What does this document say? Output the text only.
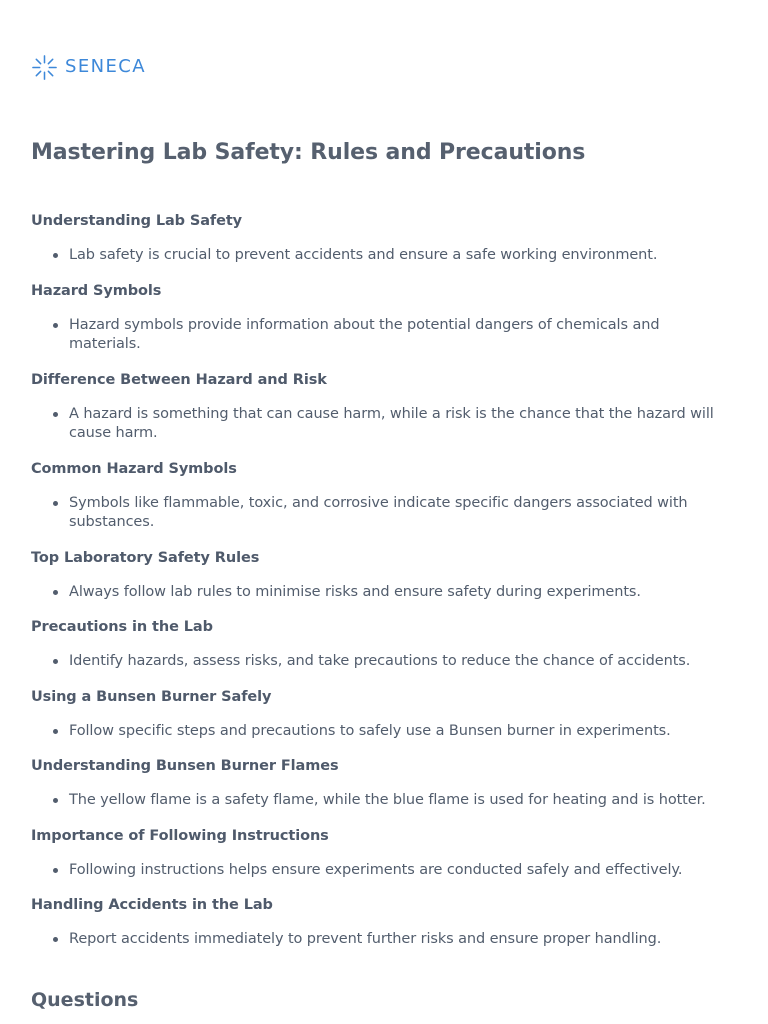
SENECA
Mastering Lab Safety: Rules and Precautions
Understanding Lab Safety
Lab safety is crucial to prevent accidents and ensure a safe working environment.
Hazard Symbols
Hazard symbols provide information about the potential dangers of chemicals and materials.
Difference Between Hazard and Risk
A hazard is something that can cause harm, while a risk is the chance that the hazard will cause harm.
Common Hazard Symbols
Symbols like flammable, toxic, and corrosive indicate specific dangers associated with substances.
Top Laboratory Safety Rules
Always follow lab rules to minimise risks and ensure safety during experiments.
Precautions in the Lab
Identify hazards, assess risks, and take precautions to reduce the chance of accidents.
Using a Bunsen Burner Safely
Follow specific steps and precautions to safely use a Bunsen burner in experiments.
Understanding Bunsen Burner Flames
The yellow flame is a safety flame, while the blue flame is used for heating and is hotter.
Importance of Following Instructions
Following instructions helps ensure experiments are conducted safely and effectively.
Handling Accidents in the Lab
Report accidents immediately to prevent further risks and ensure proper handling.
Questions
